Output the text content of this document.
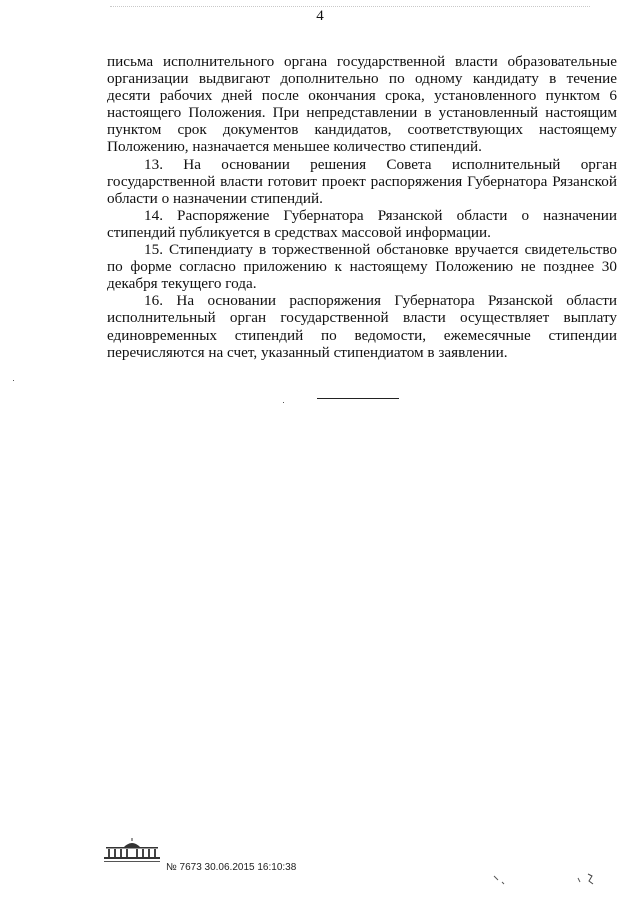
4

письма исполнительного органа государственной власти образовательные организации выдвигают дополнительно по одному кандидату в течение десяти рабочих дней после окончания срока, установленного пунктом 6 настоящего Положения. При непредставлении в установленный настоящим пунктом срок документов кандидатов, соответствующих настоящему Положению, назначается меньшее количество стипендий.

13. На основании решения Совета исполнительный орган государственной власти готовит проект распоряжения Губернатора Рязанской области о назначении стипендий.

14. Распоряжение Губернатора Рязанской области о назначении стипендий публикуется в средствах массовой информации.

15. Стипендиату в торжественной обстановке вручается свидетельство по форме согласно приложению к настоящему Положению не позднее 30 декабря текущего года.

16. На основании распоряжения Губернатора Рязанской области исполнительный орган государственной власти осуществляет выплату единовременных стипендий по ведомости, ежемесячные стипендии перечисляются на счет, указанный стипендиатом в заявлении.

№ 7673 30.06.2015 16:10:38
